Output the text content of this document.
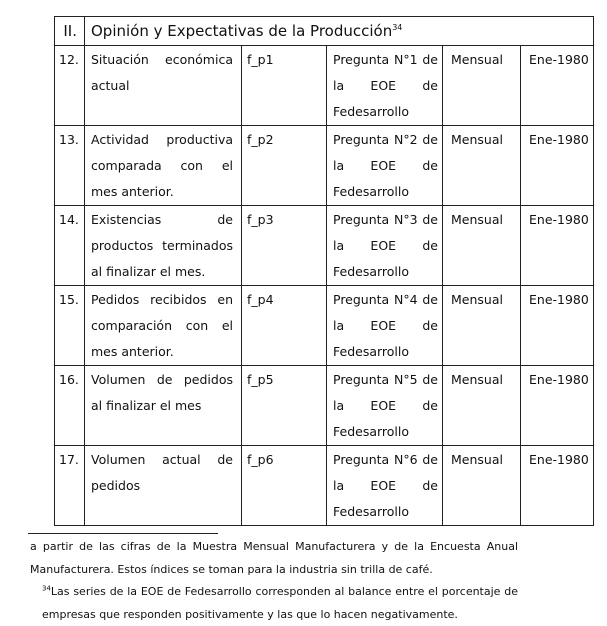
II.	Opinión y Expectativas de la Producción$^{34}$
12.	Situación económica actual	f_p1	Pregunta N°1 de la EOE de Fedesarrollo	Mensual	Ene-1980
13.	Actividad productiva comparada con el mes anterior.	f_p2	Pregunta N°2 de la EOE de Fedesarrollo	Mensual	Ene-1980
14.	Existencias de productos terminados al finalizar el mes.	f_p3	Pregunta N°3 de la EOE de Fedesarrollo	Mensual	Ene-1980
15.	Pedidos recibidos en comparación con el mes anterior.	f_p4	Pregunta N°4 de la EOE de Fedesarrollo	Mensual	Ene-1980
16.	Volumen de pedidos al finalizar el mes	f_p5	Pregunta N°5 de la EOE de Fedesarrollo	Mensual	Ene-1980
17.	Volumen actual de pedidos	f_p6	Pregunta N°6 de la EOE de Fedesarrollo	Mensual	Ene-1980

a partir de las cifras de la Muestra Mensual Manufacturera y de la Encuesta Anual Manufacturera. Estos índices se toman para la industria sin trilla de café.

$^{34}$Las series de la EOE de Fedesarrollo corresponden al balance entre el porcentaje de empresas que responden positivamente y las que lo hacen negativamente.
